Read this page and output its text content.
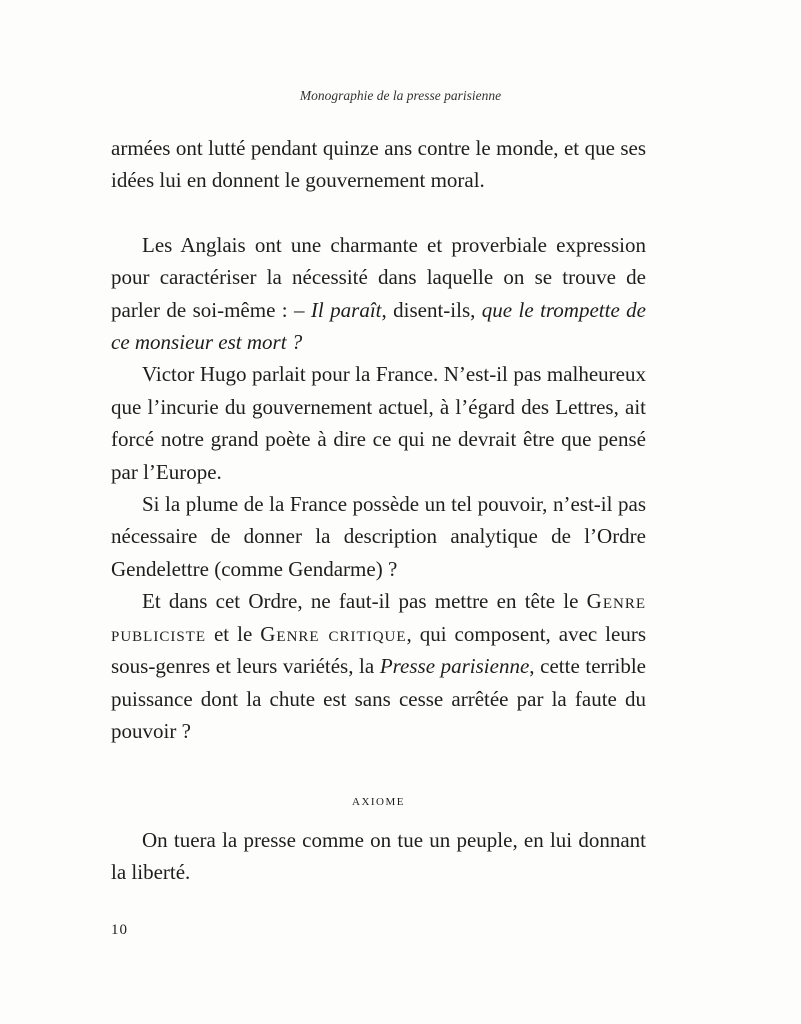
Monographie de la presse parisienne

armées ont lutté pendant quinze ans contre le monde, et que ses idées lui en donnent le gouvernement moral.

Les Anglais ont une charmante et proverbiale expression pour caractériser la nécessité dans laquelle on se trouve de parler de soi-même : – Il paraît, disent-ils, que le trompette de ce monsieur est mort ?

Victor Hugo parlait pour la France. N’est-il pas malheureux que l’incurie du gouvernement actuel, à l’égard des Lettres, ait forcé notre grand poète à dire ce qui ne devrait être que pensé par l’Europe.

Si la plume de la France possède un tel pouvoir, n’est-il pas nécessaire de donner la description analytique de l’Ordre Gendelettre (comme Gendarme) ?

Et dans cet Ordre, ne faut-il pas mettre en tête le Genre publiciste et le Genre critique, qui composent, avec leurs sous-genres et leurs variétés, la Presse parisienne, cette terrible puissance dont la chute est sans cesse arrêtée par la faute du pouvoir ?

axiome

On tuera la presse comme on tue un peuple, en lui donnant la liberté.

10
